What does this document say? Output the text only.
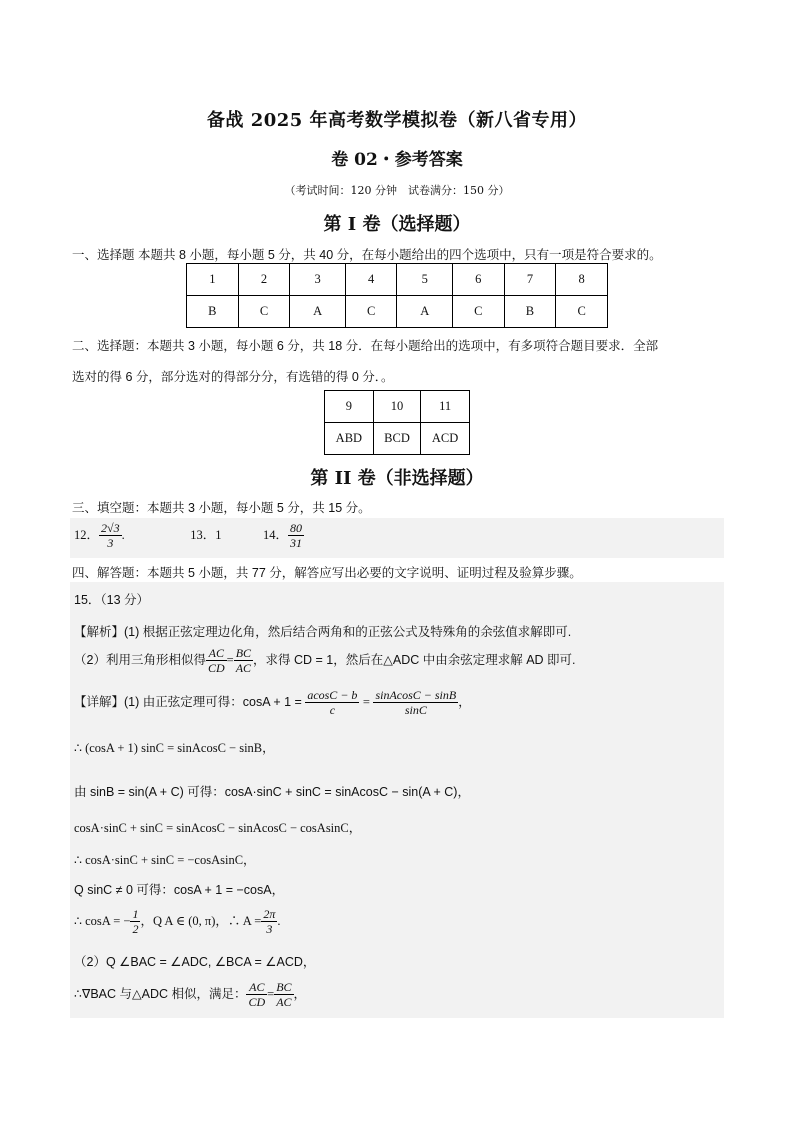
备战 2025 年高考数学模拟卷（新八省专用）
卷 02・参考答案
（考试时间：120 分钟　试卷满分：150 分）
第 I 卷（选择题）
一、选择题 本题共 8 小题，每小题 5 分，共 40 分，在每小题给出的四个选项中，只有一项是符合要求的。
1	2	3	4	5	6	7	8
B	C	A	C	A	C	B	C
二、选择题：本题共 3 小题，每小题 6 分，共 18 分．在每小题给出的选项中，有多项符合题目要求．全部
选对的得 6 分，部分选对的得部分分，有选错的得 0 分．。
9	10	11
ABD	BCD	ACD
第 II 卷（非选择题）
三、填空题：本题共 3 小题，每小题 5 分，共 15 分。
12． $\frac{2√3}{3}$ .	13．1	14． $\frac{80}{31}$
四、解答题：本题共 5 小题，共 77 分，解答应写出必要的文字说明、证明过程及验算步骤。
15．（13 分）
【解析】(1) 根据正弦定理边化角，然后结合两角和的正弦公式及特殊角的余弦值求解即可.
（2）利用三角形相似得 $\frac{AC}{CD} = \frac{BC}{AC}$ ，求得 CD = 1，然后在△ADC 中由余弦定理求解 AD 即可.
【详解】(1) 由正弦定理可得：$\cos A + 1 = \frac{acosC - b}{c} = \frac{\text{sinAcosC − sinB}}{\sin C}$ ，
∴ (cosA + 1) sinC = sinAcosC − sinB，
由 sinB = sin(A + C) 可得：cosA·sinC + sinC = sinAcosC − sin(A + C)，
cosA·sinC + sinC = sinAcosC − sinAcosC − cosAsinC，
∴ cosA·sinC + sinC = −cosAsinC，
Q sinC ≠ 0 可得：cosA + 1 = −cosA，
∴ cosA = − $\frac{1}{2}$ ，Q A ∈ (0, π)，∴ $A = \frac{2\pi}{3}$ .
（2）Q ∠BAC = ∠ADC, ∠BCA = ∠ACD，
∴∇BAC 与△ADC 相似，满足： $\frac{AC}{CD} = \frac{BC}{AC}$ ，
